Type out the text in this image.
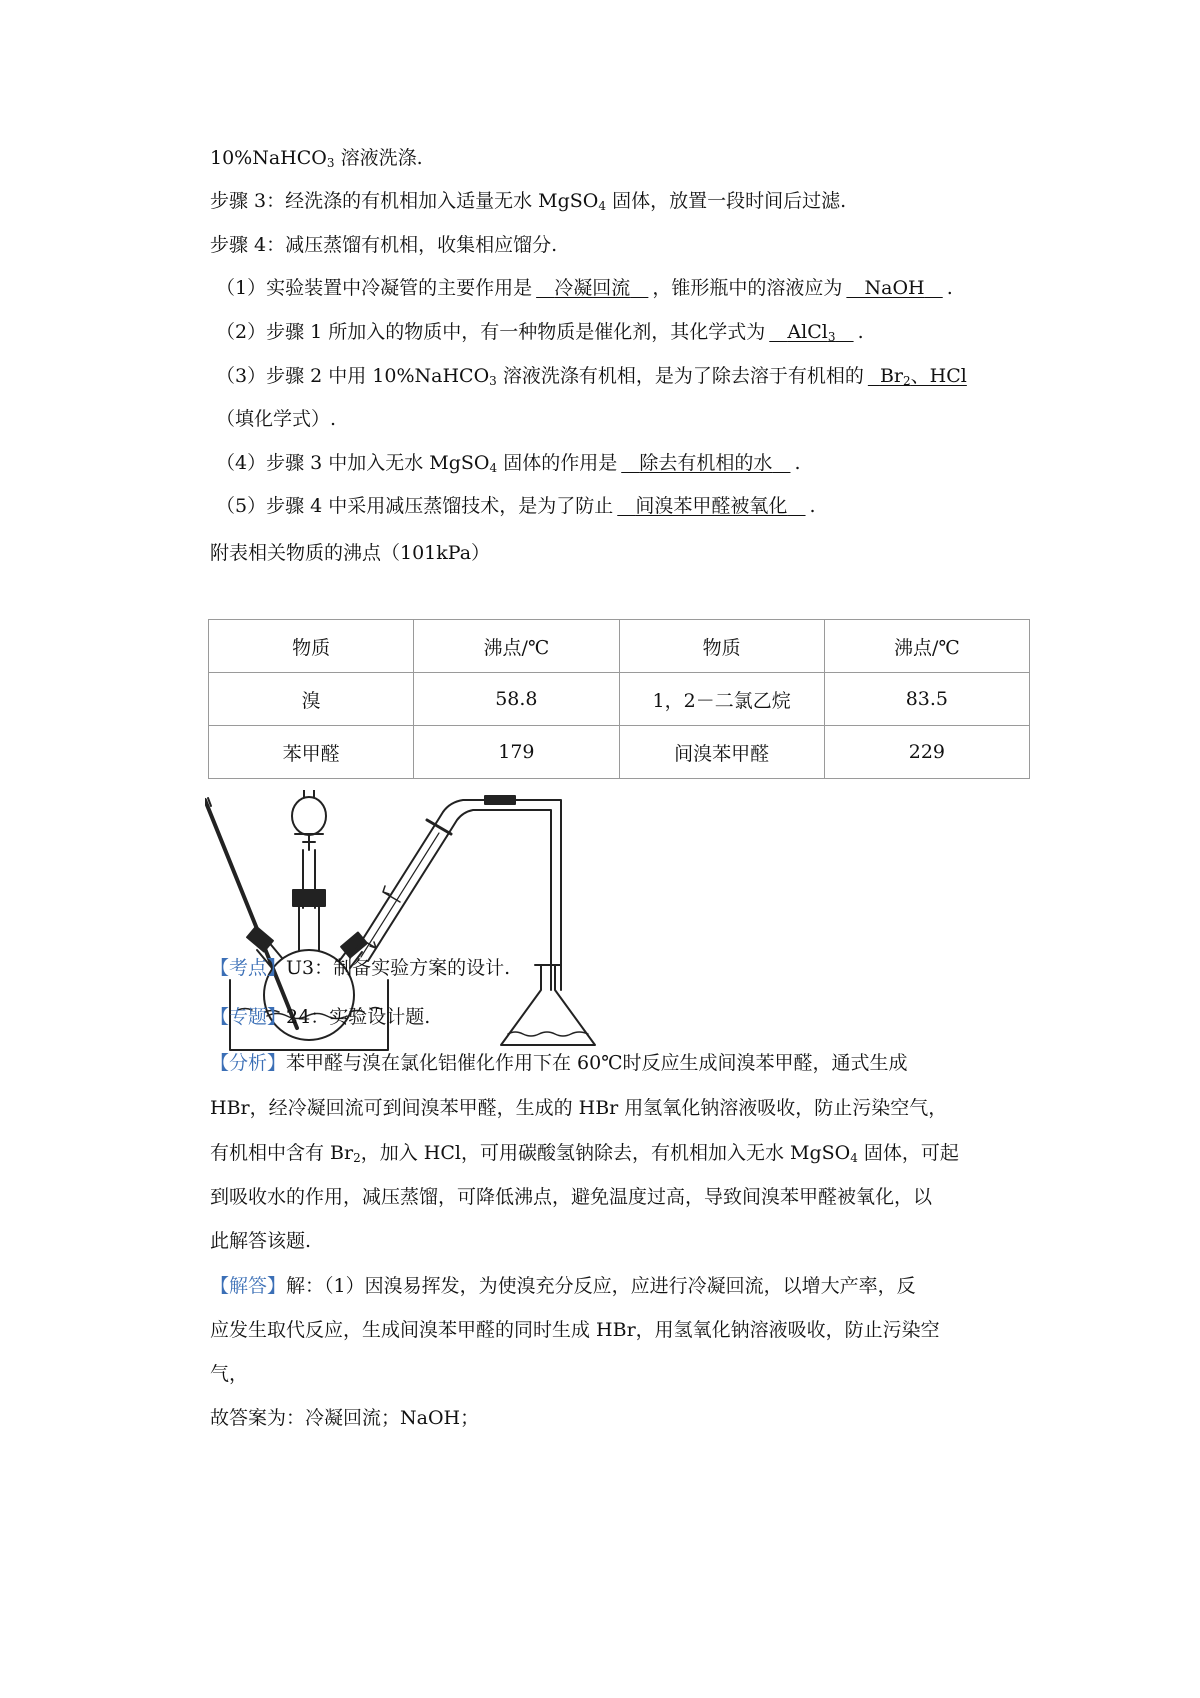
10%NaHCO$_3$ 溶液洗涤.
步骤 3：经洗涤的有机相加入适量无水 MgSO$_4$ 固体，放置一段时间后过滤.
步骤 4：减压蒸馏有机相，收集相应馏分.
（1）实验装置中冷凝管的主要作用是 冷凝回流 ，锥形瓶中的溶液应为 NaOH .
（2）步骤 1 所加入的物质中，有一种物质是催化剂，其化学式为 AlCl$_3$ .
（3）步骤 2 中用 10%NaHCO$_3$ 溶液洗涤有机相，是为了除去溶于有机相的 $Br_2$、HCl
（填化学式）.
（4）步骤 3 中加入无水 MgSO$_4$ 固体的作用是 除去有机相的水 .
（5）步骤 4 中采用减压蒸馏技术，是为了防止 间溴苯甲醛被氧化 .
附表相关物质的沸点（101kPa）
物质	沸点/℃	物质	沸点/℃
溴	58.8	1，2－二氯乙烷	83.5
苯甲醛	179	间溴苯甲醛	229
【考点】U3：制备实验方案的设计.
【专题】24：实验设计题.
【分析】苯甲醛与溴在氯化铝催化作用下在 60℃时反应生成间溴苯甲醛，通式生成
HBr，经冷凝回流可到间溴苯甲醛，生成的 HBr 用氢氧化钠溶液吸收，防止污染空气，
有机相中含有 $Br_2$，加入 HCl，可用碳酸氢钠除去，有机相加入无水 MgSO$_4$ 固体，可起
到吸收水的作用，减压蒸馏，可降低沸点，避免温度过高，导致间溴苯甲醛被氧化，以
此解答该题.
【解答】解：（1）因溴易挥发，为使溴充分反应，应进行冷凝回流，以增大产率，反
应发生取代反应，生成间溴苯甲醛的同时生成 HBr，用氢氧化钠溶液吸收，防止污染空
气，
故答案为：冷凝回流；NaOH；
